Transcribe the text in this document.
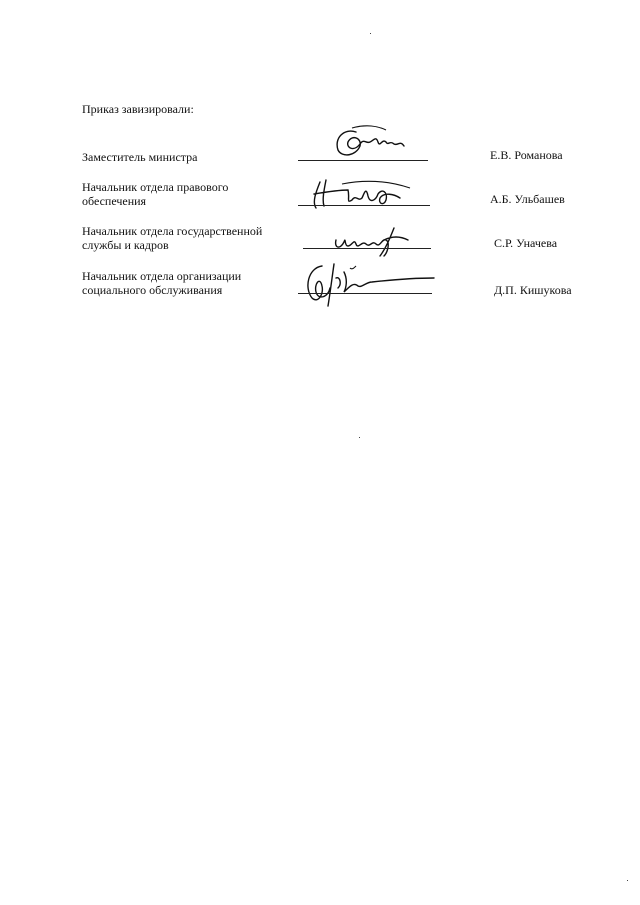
Приказ завизировали:
Заместитель министра	Е.В. Романова
Начальник отдела правового
обеспечения	А.Б. Ульбашев
Начальник отдела государственной
службы и кадров	С.Р. Уначева
Начальник отдела организации
социального обслуживания	Д.П. Кишукова
